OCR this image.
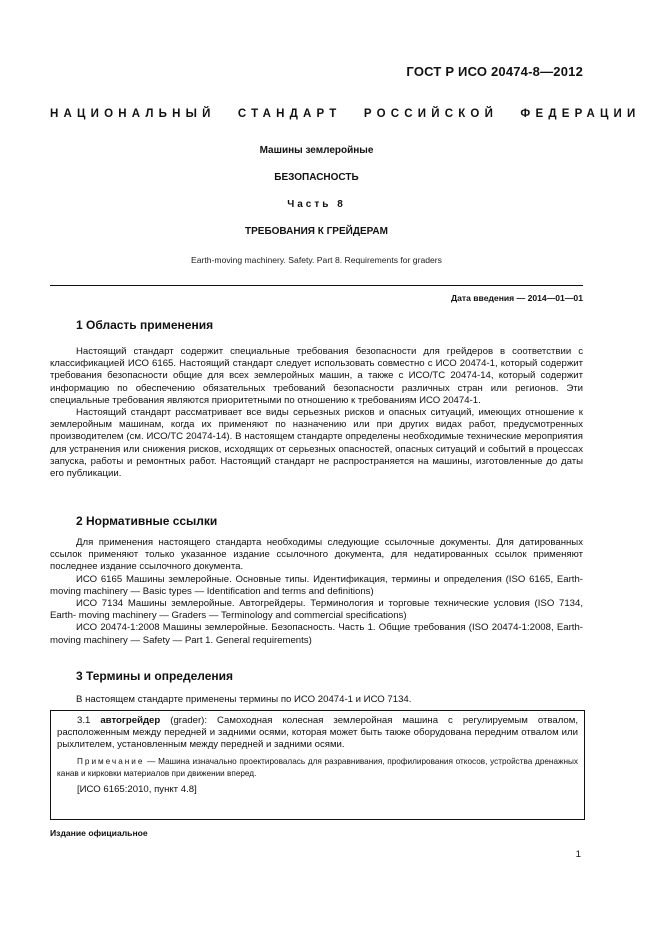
ГОСТ Р ИСО 20474-8—2012
НАЦИОНАЛЬНЫЙ СТАНДАРТ РОССИЙСКОЙ ФЕДЕРАЦИИ
Машины землеройные
БЕЗОПАСНОСТЬ
Часть 8
ТРЕБОВАНИЯ К ГРЕЙДЕРАМ
Earth-moving machinery. Safety. Part 8. Requirements for graders
Дата введения — 2014—01—01
1 Область применения

Настоящий стандарт содержит специальные требования безопасности для грейдеров в соответствии с классификацией ИСО 6165. Настоящий стандарт следует использовать совместно с ИСО 20474-1, который содержит требования безопасности общие для всех землеройных машин, а также с ИСО/ТС 20474-14, который содержит информацию по обеспечению обязательных требований безопасности различных стран или регионов. Эти специальные требования являются приоритетными по отношению к требованиям ИСО 20474-1.

Настоящий стандарт рассматривает все виды серьезных рисков и опасных ситуаций, имеющих отношение к землеройным машинам, когда их применяют по назначению или при других видах работ, предусмотренных производителем (см. ИСО/ТС 20474-14). В настоящем стандарте определены необходимые технические мероприятия для устранения или снижения рисков, исходящих от серьезных опасностей, опасных ситуаций и событий в процессах запуска, работы и ремонтных работ. Настоящий стандарт не распространяется на машины, изготовленные до даты его публикации.

2 Нормативные ссылки

Для применения настоящего стандарта необходимы следующие ссылочные документы. Для датированных ссылок применяют только указанное издание ссылочного документа, для недатированных ссылок применяют последнее издание ссылочного документа.

ИСО 6165 Машины землеройные. Основные типы. Идентификация, термины и определения (ISO 6165, Earth-moving machinery — Basic types — Identification and terms and definitions)

ИСО 7134 Машины землеройные. Автогрейдеры. Терминология и торговые технические условия (ISO 7134, Earth- moving machinery — Graders — Terminology and commercial specifications)

ИСО 20474-1:2008 Машины землеройные. Безопасность. Часть 1. Общие требования (ISO 20474-1:2008, Earth-moving machinery — Safety — Part 1. General requirements)

3 Термины и определения

В настоящем стандарте применены термины по ИСО 20474-1 и ИСО 7134.

3.1 автогрейдер (grader): Самоходная колесная землеройная машина с регулируемым отвалом, расположенным между передней и задними осями, которая может быть также оборудована передним отвалом или рыхлителем, установленным между передней и задними осями.

Примечание — Машина изначально проектировалась для разравнивания, профилирования откосов, устройства дренажных канав и кирковки материалов при движении вперед.

[ИСО 6165:2010, пункт 4.8]

Издание официальное
1
